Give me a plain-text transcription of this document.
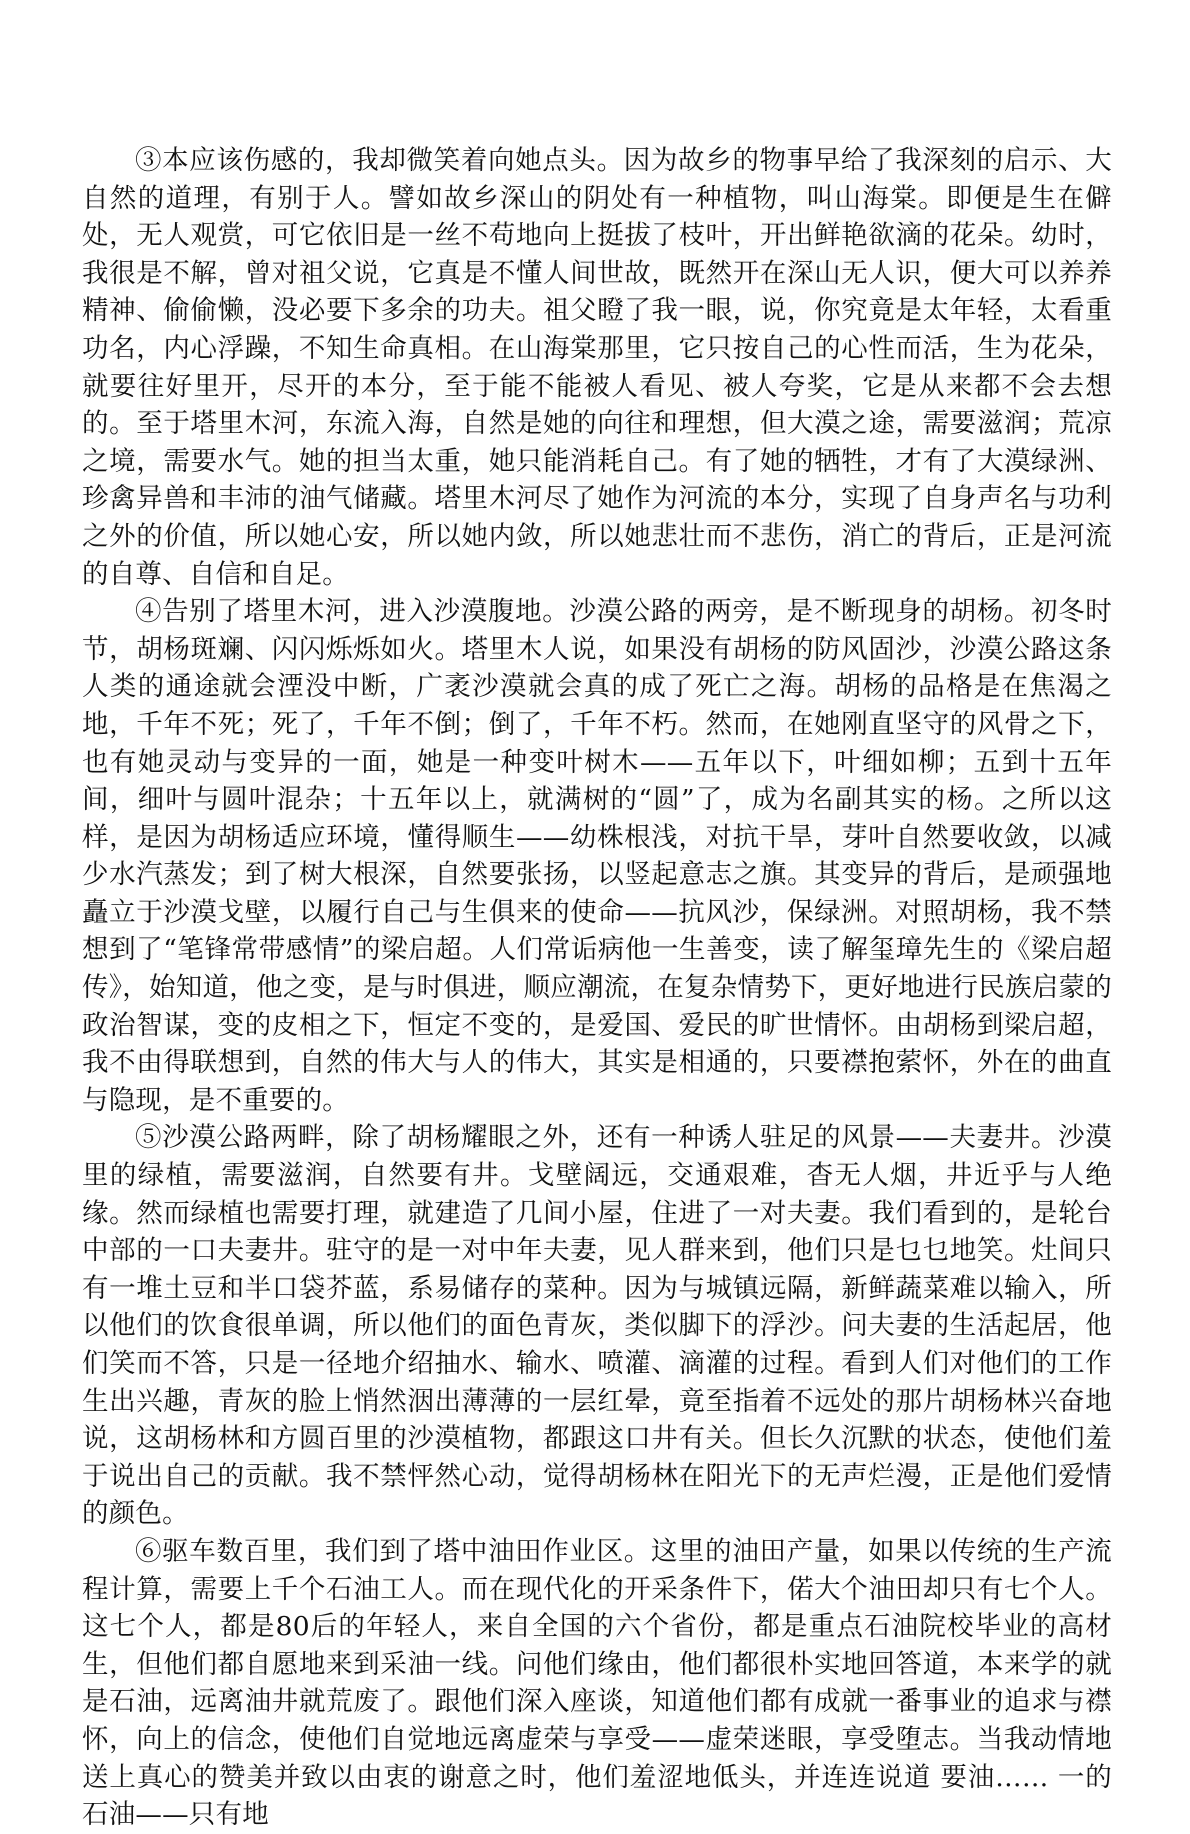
③本应该伤感的，我却微笑着向她点头。因为故乡的物事早给了我深刻的启示、大自然的道理，有别于人。譬如故乡深山的阴处有一种植物，叫山海棠。即便是生在僻处，无人观赏，可它依旧是一丝不苟地向上挺拔了枝叶，开出鲜艳欲滴的花朵。幼时，我很是不解，曾对祖父说，它真是不懂人间世故，既然开在深山无人识，便大可以养养精神、偷偷懒，没必要下多余的功夫。祖父瞪了我一眼，说，你究竟是太年轻，太看重功名，内心浮躁，不知生命真相。在山海棠那里，它只按自己的心性而活，生为花朵，就要往好里开，尽开的本分，至于能不能被人看见、被人夸奖，它是从来都不会去想的。至于塔里木河，东流入海，自然是她的向往和理想，但大漠之途，需要滋润；荒凉之境，需要水气。她的担当太重，她只能消耗自己。有了她的牺牲，才有了大漠绿洲、珍禽异兽和丰沛的油气储藏。塔里木河尽了她作为河流的本分，实现了自身声名与功利之外的价值，所以她心安，所以她内敛，所以她悲壮而不悲伤，消亡的背后，正是河流的自尊、自信和自足。

④告别了塔里木河，进入沙漠腹地。沙漠公路的两旁，是不断现身的胡杨。初冬时节，胡杨斑斓、闪闪烁烁如火。塔里木人说，如果没有胡杨的防风固沙，沙漠公路这条人类的通途就会湮没中断，广袤沙漠就会真的成了死亡之海。胡杨的品格是在焦渴之地，千年不死；死了，千年不倒；倒了，千年不朽。然而，在她刚直坚守的风骨之下，也有她灵动与变异的一面，她是一种变叶树木——五年以下，叶细如柳；五到十五年间，细叶与圆叶混杂；十五年以上，就满树的“圆”了，成为名副其实的杨。之所以这样，是因为胡杨适应环境，懂得顺生——幼株根浅，对抗干旱，芽叶自然要收敛，以减少水汽蒸发；到了树大根深，自然要张扬，以竖起意志之旗。其变异的背后，是顽强地矗立于沙漠戈壁，以履行自己与生俱来的使命——抗风沙，保绿洲。对照胡杨，我不禁想到了“笔锋常带感情”的梁启超。人们常诟病他一生善变，读了解玺璋先生的《梁启超传》，始知道，他之变，是与时俱进，顺应潮流，在复杂情势下，更好地进行民族启蒙的政治智谋，变的皮相之下，恒定不变的，是爱国、爱民的旷世情怀。由胡杨到梁启超，我不由得联想到，自然的伟大与人的伟大，其实是相通的，只要襟抱萦怀，外在的曲直与隐现，是不重要的。

⑤沙漠公路两畔，除了胡杨耀眼之外，还有一种诱人驻足的风景——夫妻井。沙漠里的绿植，需要滋润，自然要有井。戈壁阔远，交通艰难，杳无人烟，井近乎与人绝缘。然而绿植也需要打理，就建造了几间小屋，住进了一对夫妻。我们看到的，是轮台中部的一口夫妻井。驻守的是一对中年夫妻，见人群来到，他们只是乜乜地笑。灶间只有一堆土豆和半口袋芥蓝，系易储存的菜种。因为与城镇远隔，新鲜蔬菜难以输入，所以他们的饮食很单调，所以他们的面色青灰，类似脚下的浮沙。问夫妻的生活起居，他们笑而不答，只是一径地介绍抽水、输水、喷灌、滴灌的过程。看到人们对他们的工作生出兴趣，青灰的脸上悄然洇出薄薄的一层红晕，竟至指着不远处的那片胡杨林兴奋地说，这胡杨林和方圆百里的沙漠植物，都跟这口井有关。但长久沉默的状态，使他们羞于说出自己的贡献。我不禁怦然心动，觉得胡杨林在阳光下的无声烂漫，正是他们爱情的颜色。

⑥驱车数百里，我们到了塔中油田作业区。这里的油田产量，如果以传统的生产流程计算，需要上千个石油工人。而在现代化的开采条件下，偌大个油田却只有七个人。这七个人，都是80后的年轻人，来自全国的六个省份，都是重点石油院校毕业的高材生，但他们都自愿地来到采油一线。问他们缘由，他们都很朴实地回答道，本来学的就是石油，远离油井就荒废了。跟他们深入座谈，知道他们都有成就一番事业的追求与襟怀，向上的信念，使他们自觉地远离虚荣与享受——虚荣迷眼，享受堕志。当我动情地送上真心的赞美并致以由衷的谢意之时，他们羞涩地低头，并连连说道 要油…… 一的石油——只有地
